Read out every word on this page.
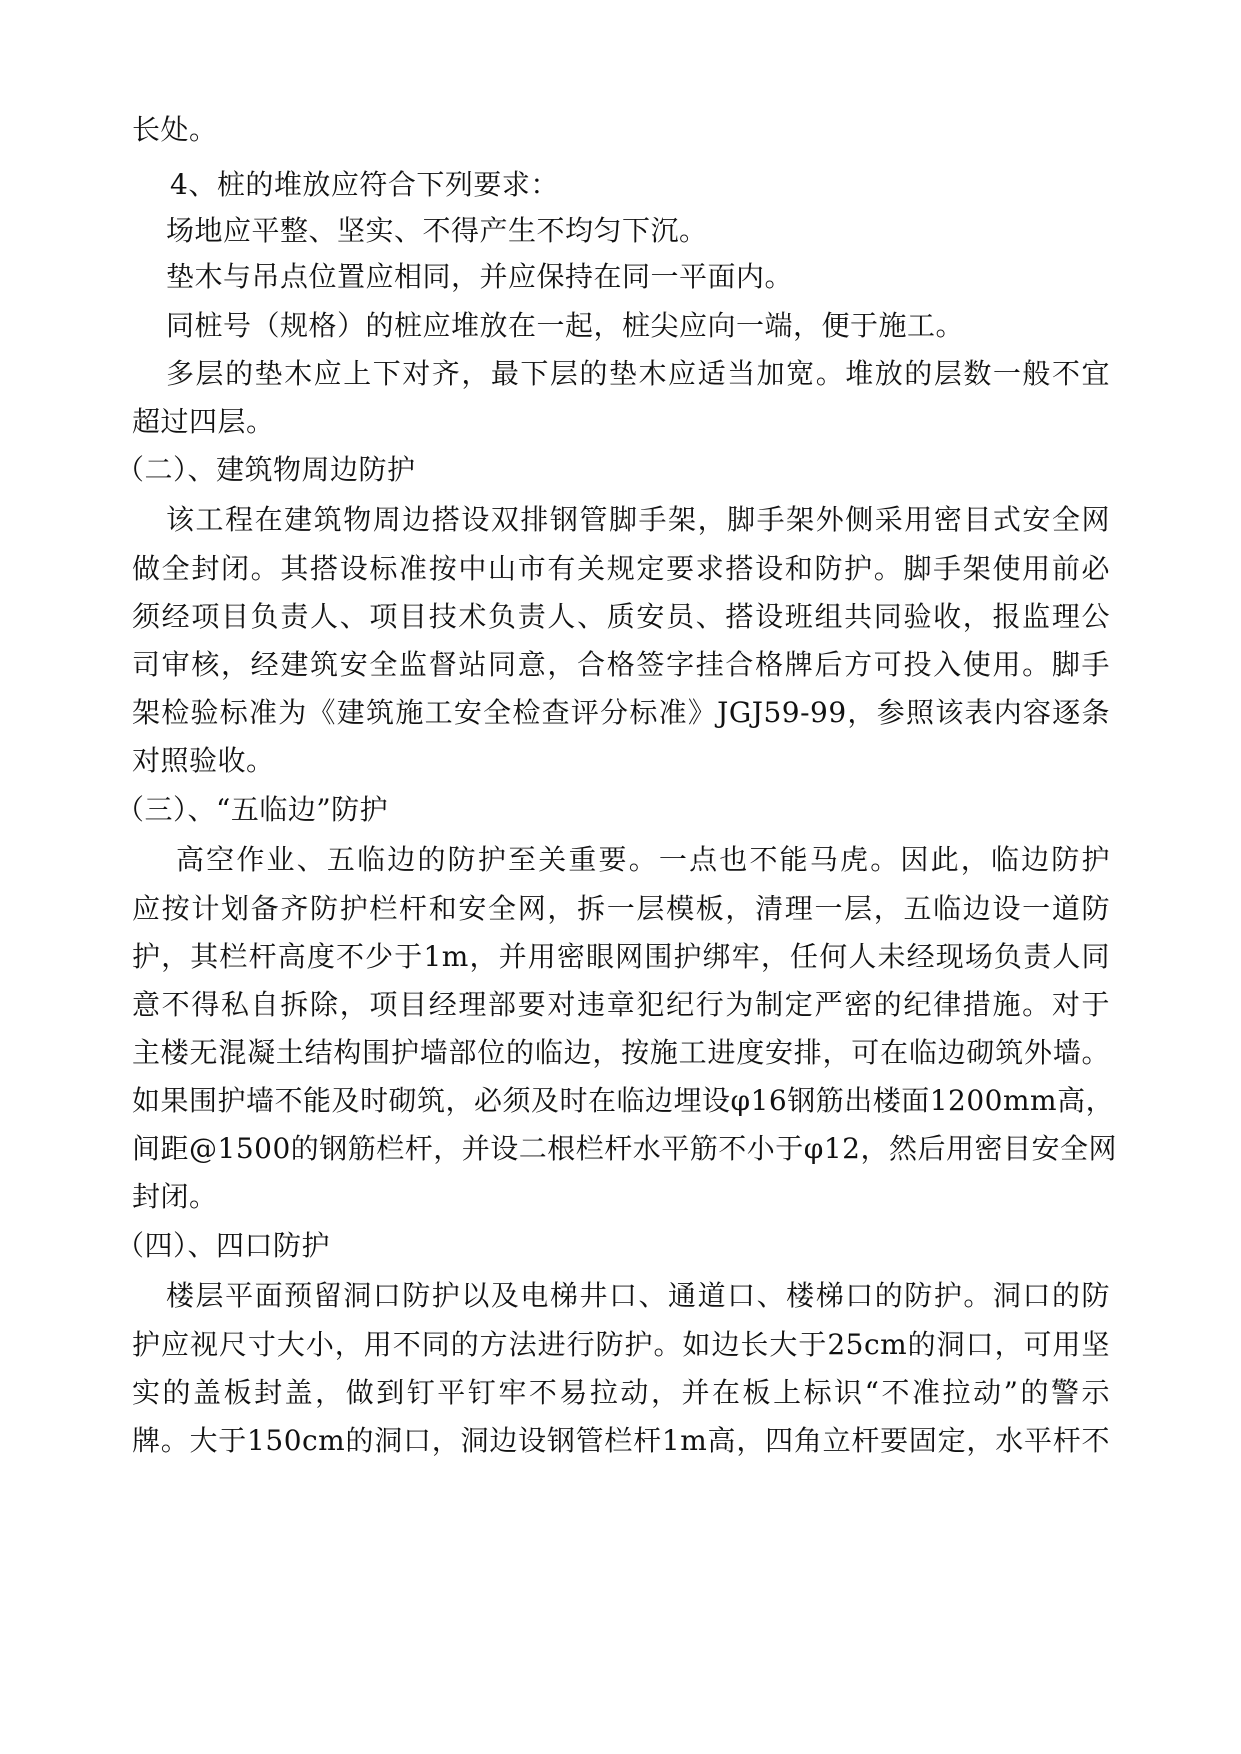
长处。
4、桩的堆放应符合下列要求：
场地应平整、坚实、不得产生不均匀下沉。
垫木与吊点位置应相同，并应保持在同一平面内。
同桩号（规格）的桩应堆放在一起，桩尖应向一端，便于施工。
多层的垫木应上下对齐，最下层的垫木应适当加宽。堆放的层数一般不宜
超过四层。
（二）、建筑物周边防护
该工程在建筑物周边搭设双排钢管脚手架，脚手架外侧采用密目式安全网
做全封闭。其搭设标准按中山市有关规定要求搭设和防护。脚手架使用前必
须经项目负责人、项目技术负责人、质安员、搭设班组共同验收，报监理公
司审核，经建筑安全监督站同意，合格签字挂合格牌后方可投入使用。脚手
架检验标准为《建筑施工安全检查评分标准》JGJ59-99，参照该表内容逐条
对照验收。
（三）、“五临边”防护
高空作业、五临边的防护至关重要。一点也不能马虎。因此，临边防护
应按计划备齐防护栏杆和安全网，拆一层模板，清理一层，五临边设一道防
护，其栏杆高度不少于1m，并用密眼网围护绑牢，任何人未经现场负责人同
意不得私自拆除，项目经理部要对违章犯纪行为制定严密的纪律措施。对于
主楼无混凝土结构围护墙部位的临边，按施工进度安排，可在临边砌筑外墙。
如果围护墙不能及时砌筑，必须及时在临边埋设φ16钢筋出楼面1200mm高，
间距@1500的钢筋栏杆，并设二根栏杆水平筋不小于φ12，然后用密目安全网
封闭。
（四）、四口防护
楼层平面预留洞口防护以及电梯井口、通道口、楼梯口的防护。洞口的防
护应视尺寸大小，用不同的方法进行防护。如边长大于25cm的洞口，可用坚
实的盖板封盖，做到钉平钉牢不易拉动，并在板上标识“不准拉动”的警示
牌。大于150cm的洞口，洞边设钢管栏杆1m高，四角立杆要固定，水平杆不
